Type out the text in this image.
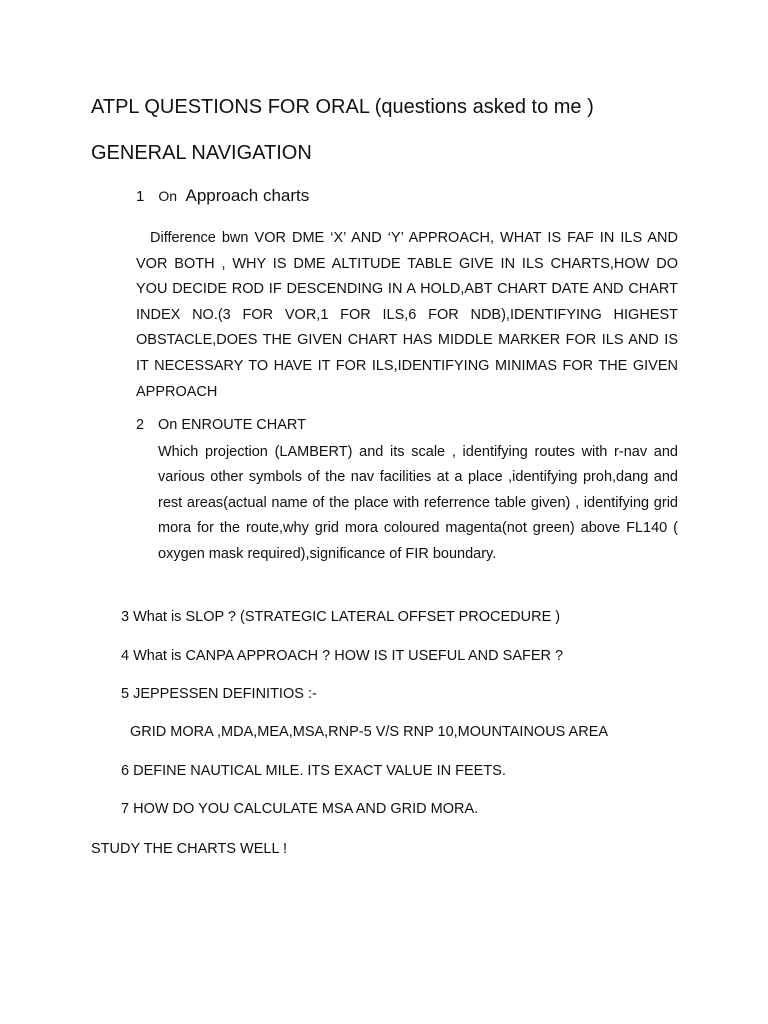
ATPL QUESTIONS FOR ORAL (questions asked to me )
GENERAL NAVIGATION
1 On Approach charts

Difference bwn VOR DME ‘X’ AND ‘Y’ APPROACH, WHAT IS FAF IN ILS AND VOR BOTH , WHY IS DME ALTITUDE TABLE GIVE IN ILS CHARTS,HOW DO YOU DECIDE ROD IF DESCENDING IN A HOLD,ABT CHART DATE AND CHART INDEX NO.(3 FOR VOR,1 FOR ILS,6 FOR NDB),IDENTIFYING HIGHEST OBSTACLE,DOES THE GIVEN CHART HAS MIDDLE MARKER FOR ILS AND IS IT NECESSARY TO HAVE IT FOR ILS,IDENTIFYING MINIMAS FOR THE GIVEN APPROACH

2 On ENROUTE CHART

Which projection (LAMBERT) and its scale , identifying routes with r-nav and various other symbols of the nav facilities at a place ,identifying proh,dang and rest areas(actual name of the place with referrence table given) , identifying grid mora for the route,why grid mora coloured magenta(not green) above FL140 ( oxygen mask required),significance of FIR boundary.

3 What is SLOP ? (STRATEGIC LATERAL OFFSET PROCEDURE )

4 What is CANPA APPROACH ? HOW IS IT USEFUL AND SAFER ?

5 JEPPESSEN DEFINITIOS :-

GRID MORA ,MDA,MEA,MSA,RNP-5 V/S RNP 10,MOUNTAINOUS AREA

6 DEFINE NAUTICAL MILE. ITS EXACT VALUE IN FEETS.

7 HOW DO YOU CALCULATE MSA AND GRID MORA.

STUDY THE CHARTS WELL !
